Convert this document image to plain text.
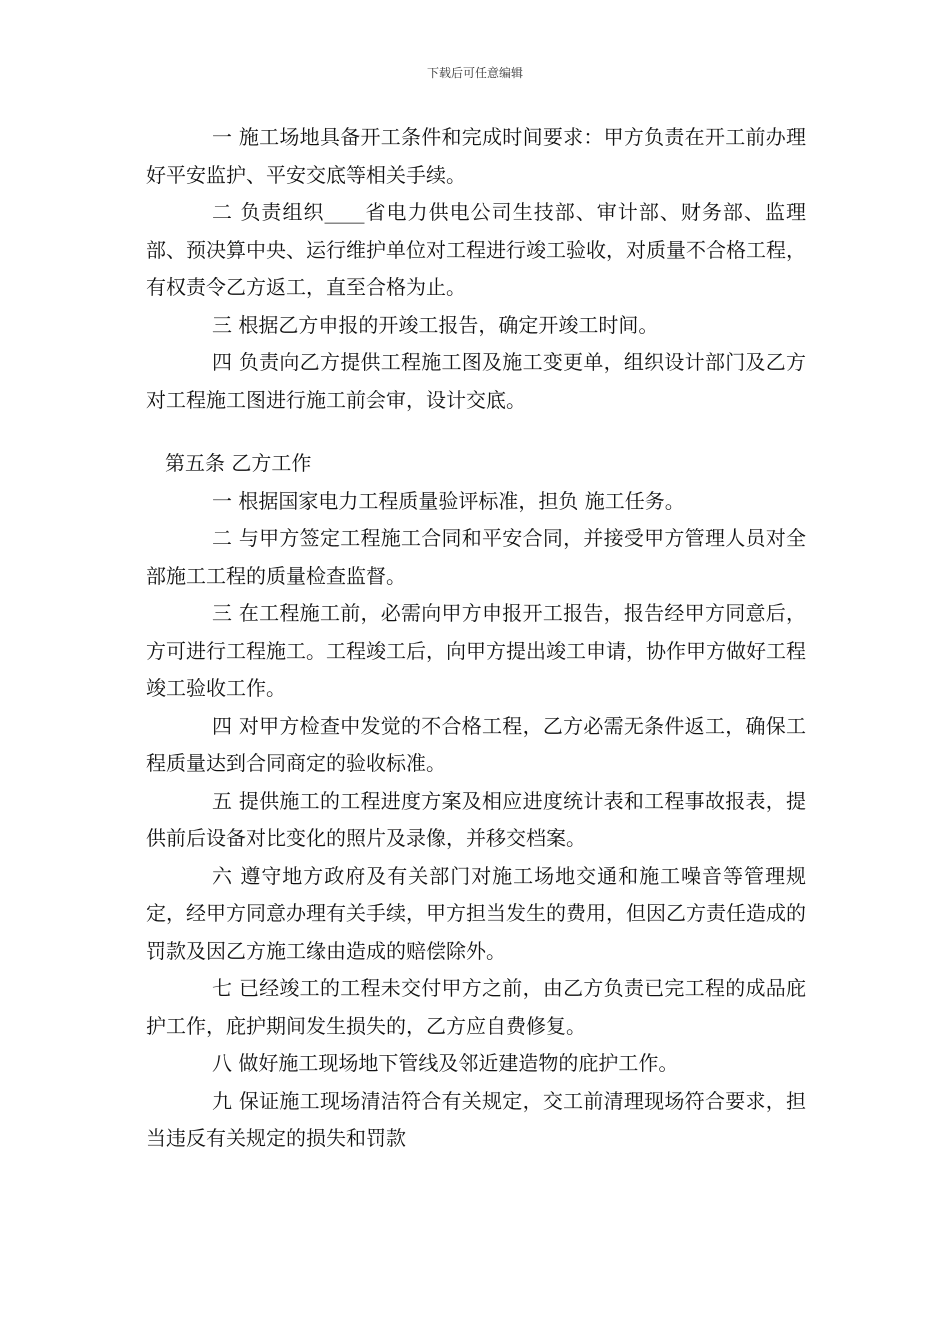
下载后可任意编辑

一 施工场地具备开工条件和完成时间要求：甲方负责在开工前办理好平安监护、平安交底等相关手续。

二 负责组织____省电力供电公司生技部、审计部、财务部、监理部、预决算中央、运行维护单位对工程进行竣工验收，对质量不合格工程，有权责令乙方返工，直至合格为止。

三 根据乙方申报的开竣工报告，确定开竣工时间。

四 负责向乙方提供工程施工图及施工变更单，组织设计部门及乙方对工程施工图进行施工前会审，设计交底。

第五条 乙方工作

一 根据国家电力工程质量验评标准，担负 施工任务。

二 与甲方签定工程施工合同和平安合同，并接受甲方管理人员对全部施工工程的质量检查监督。

三 在工程施工前，必需向甲方申报开工报告，报告经甲方同意后，方可进行工程施工。工程竣工后，向甲方提出竣工申请，协作甲方做好工程竣工验收工作。

四 对甲方检查中发觉的不合格工程，乙方必需无条件返工，确保工程质量达到合同商定的验收标准。

五 提供施工的工程进度方案及相应进度统计表和工程事故报表，提供前后设备对比变化的照片及录像，并移交档案。

六 遵守地方政府及有关部门对施工场地交通和施工噪音等管理规定，经甲方同意办理有关手续，甲方担当发生的费用，但因乙方责任造成的罚款及因乙方施工缘由造成的赔偿除外。

七 已经竣工的工程未交付甲方之前，由乙方负责已完工程的成品庇护工作，庇护期间发生损失的，乙方应自费修复。

八 做好施工现场地下管线及邻近建造物的庇护工作。

九 保证施工现场清洁符合有关规定，交工前清理现场符合要求，担当违反有关规定的损失和罚款
